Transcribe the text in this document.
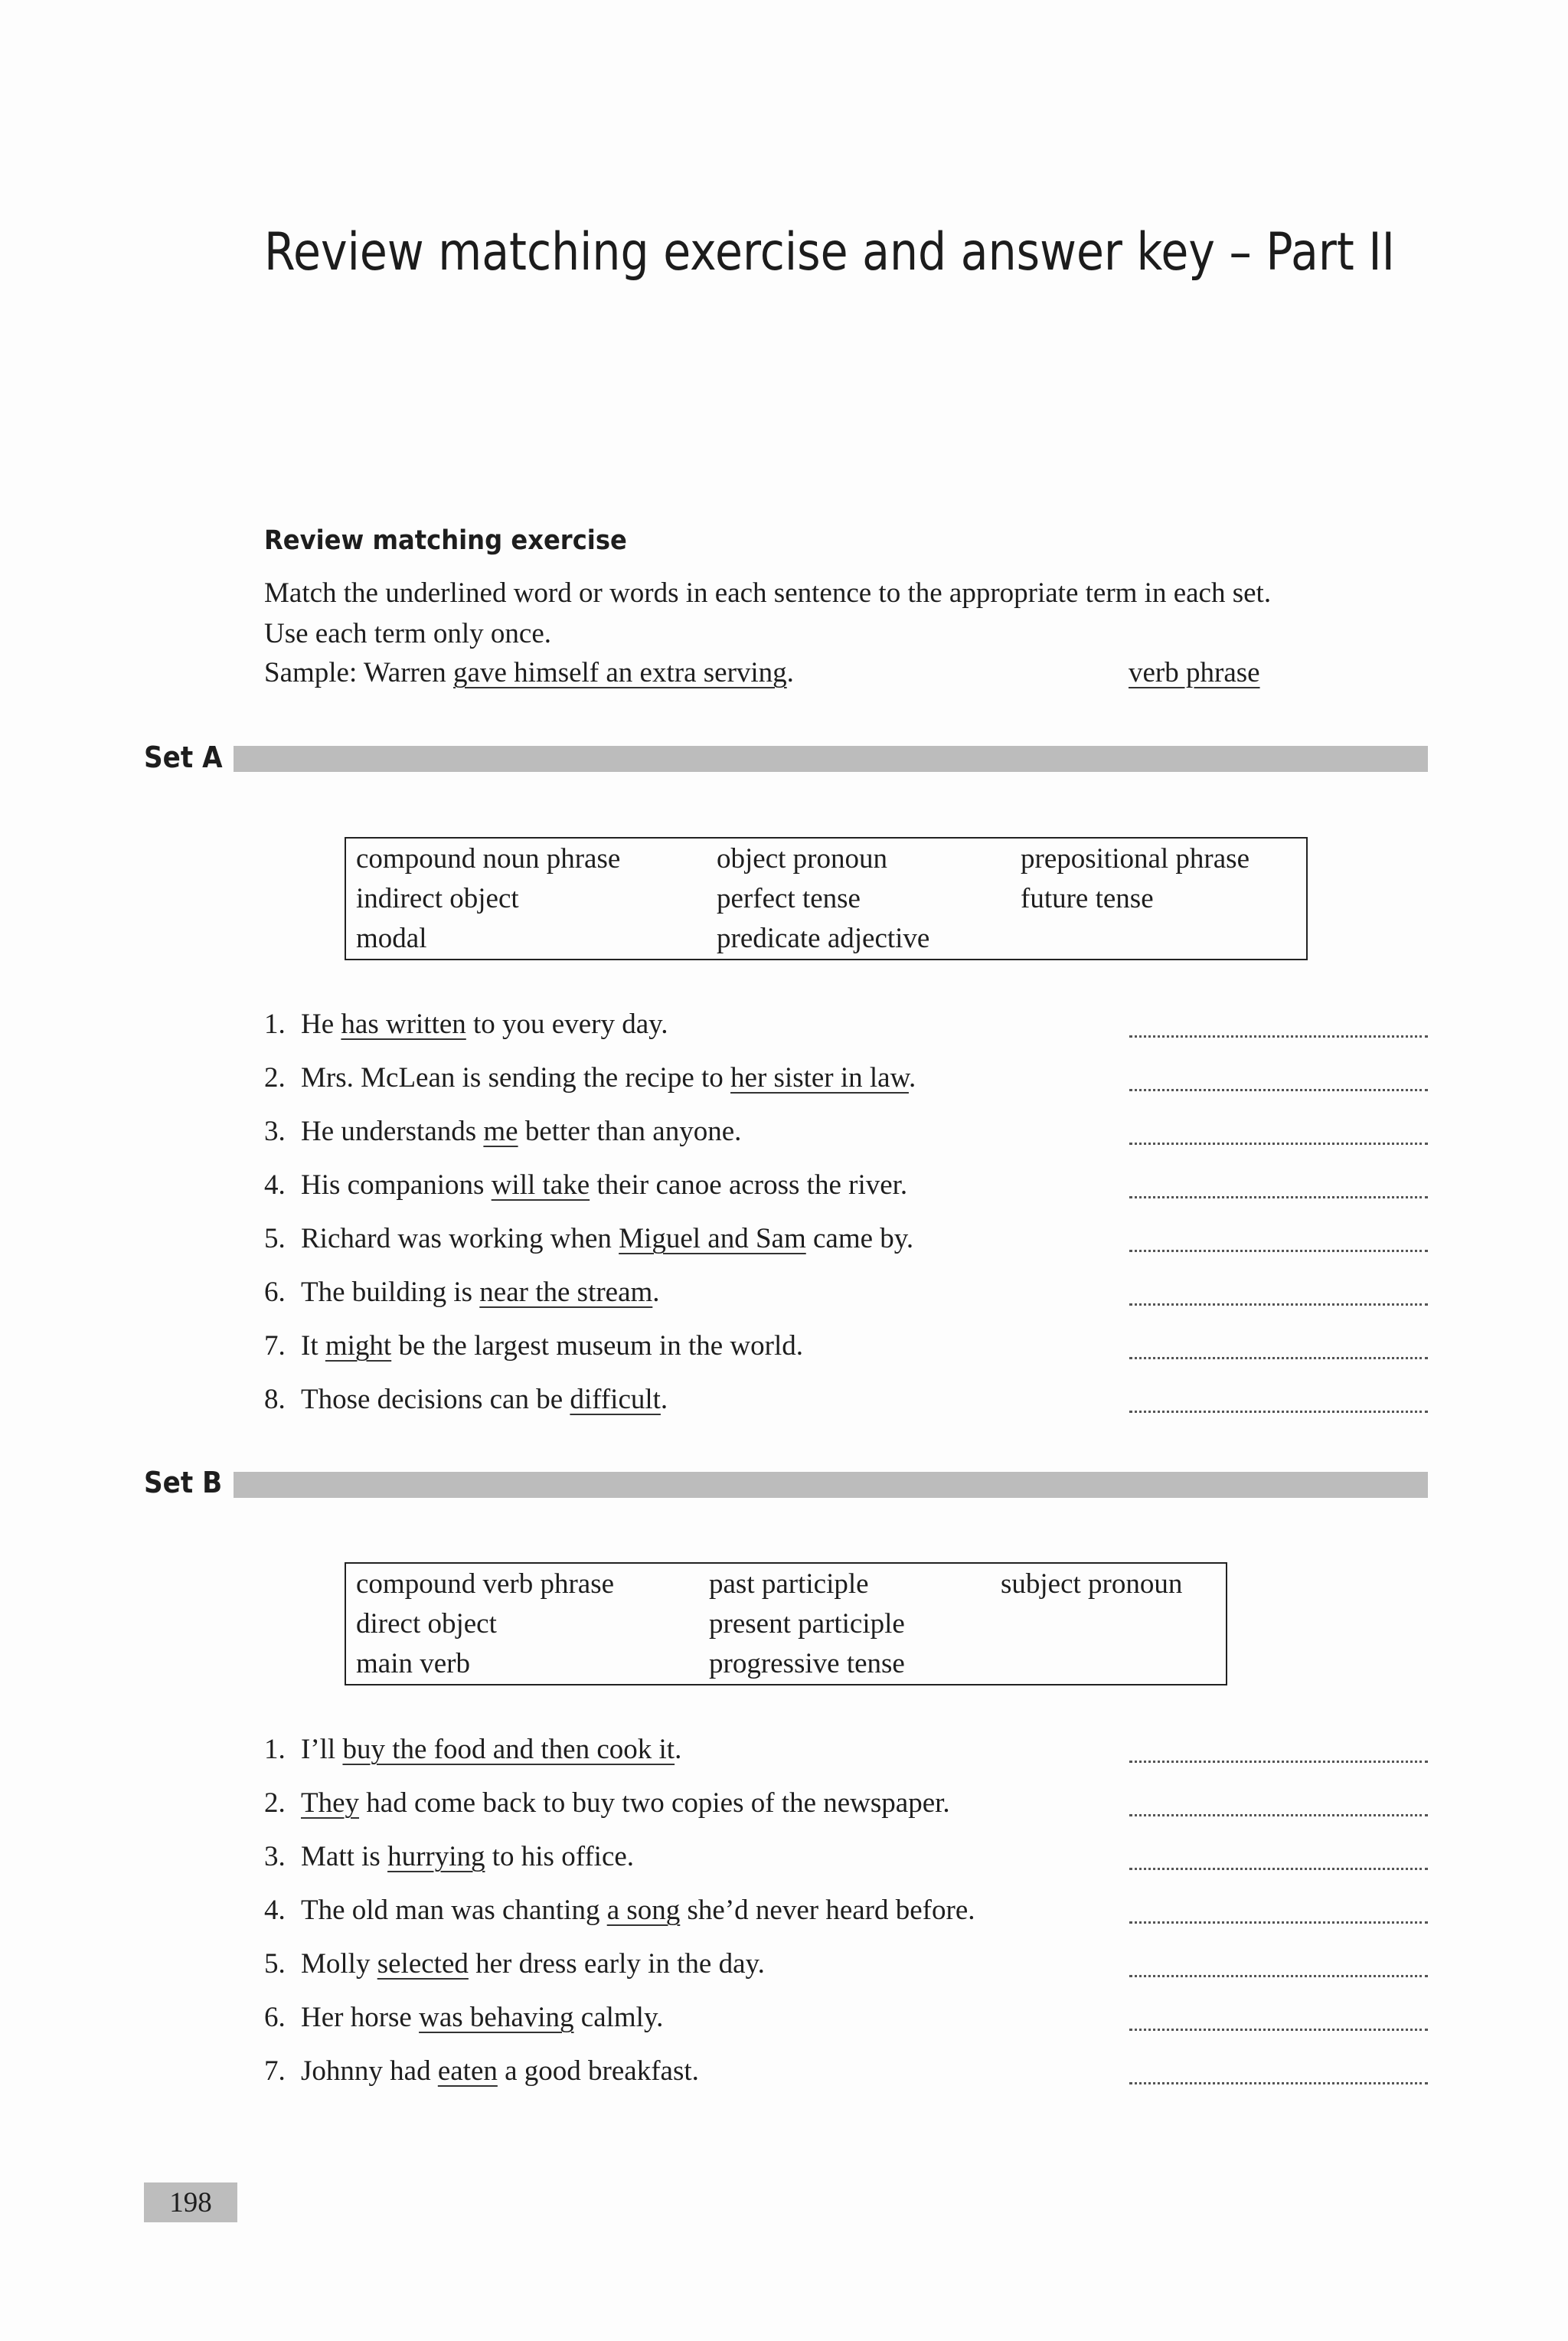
Review matching exercise and answer key – Part II
Review matching exercise
Match the underlined word or words in each sentence to the appropriate term in each set.
Use each term only once.
Sample: Warren gave himself an extra serving.	verb phrase
Set A
compound noun phrase	object pronoun	prepositional phrase
indirect object	perfect tense	future tense
modal	predicate adjective
1. He has written to you every day.
2. Mrs. McLean is sending the recipe to her sister in law.
3. He understands me better than anyone.
4. His companions will take their canoe across the river.
5. Richard was working when Miguel and Sam came by.
6. The building is near the stream.
7. It might be the largest museum in the world.
8. Those decisions can be difficult.
Set B
compound verb phrase	past participle	subject pronoun
direct object	present participle
main verb	progressive tense
1. I’ll buy the food and then cook it.
2. They had come back to buy two copies of the newspaper.
3. Matt is hurrying to his office.
4. The old man was chanting a song she’d never heard before.
5. Molly selected her dress early in the day.
6. Her horse was behaving calmly.
7. Johnny had eaten a good breakfast.
198
